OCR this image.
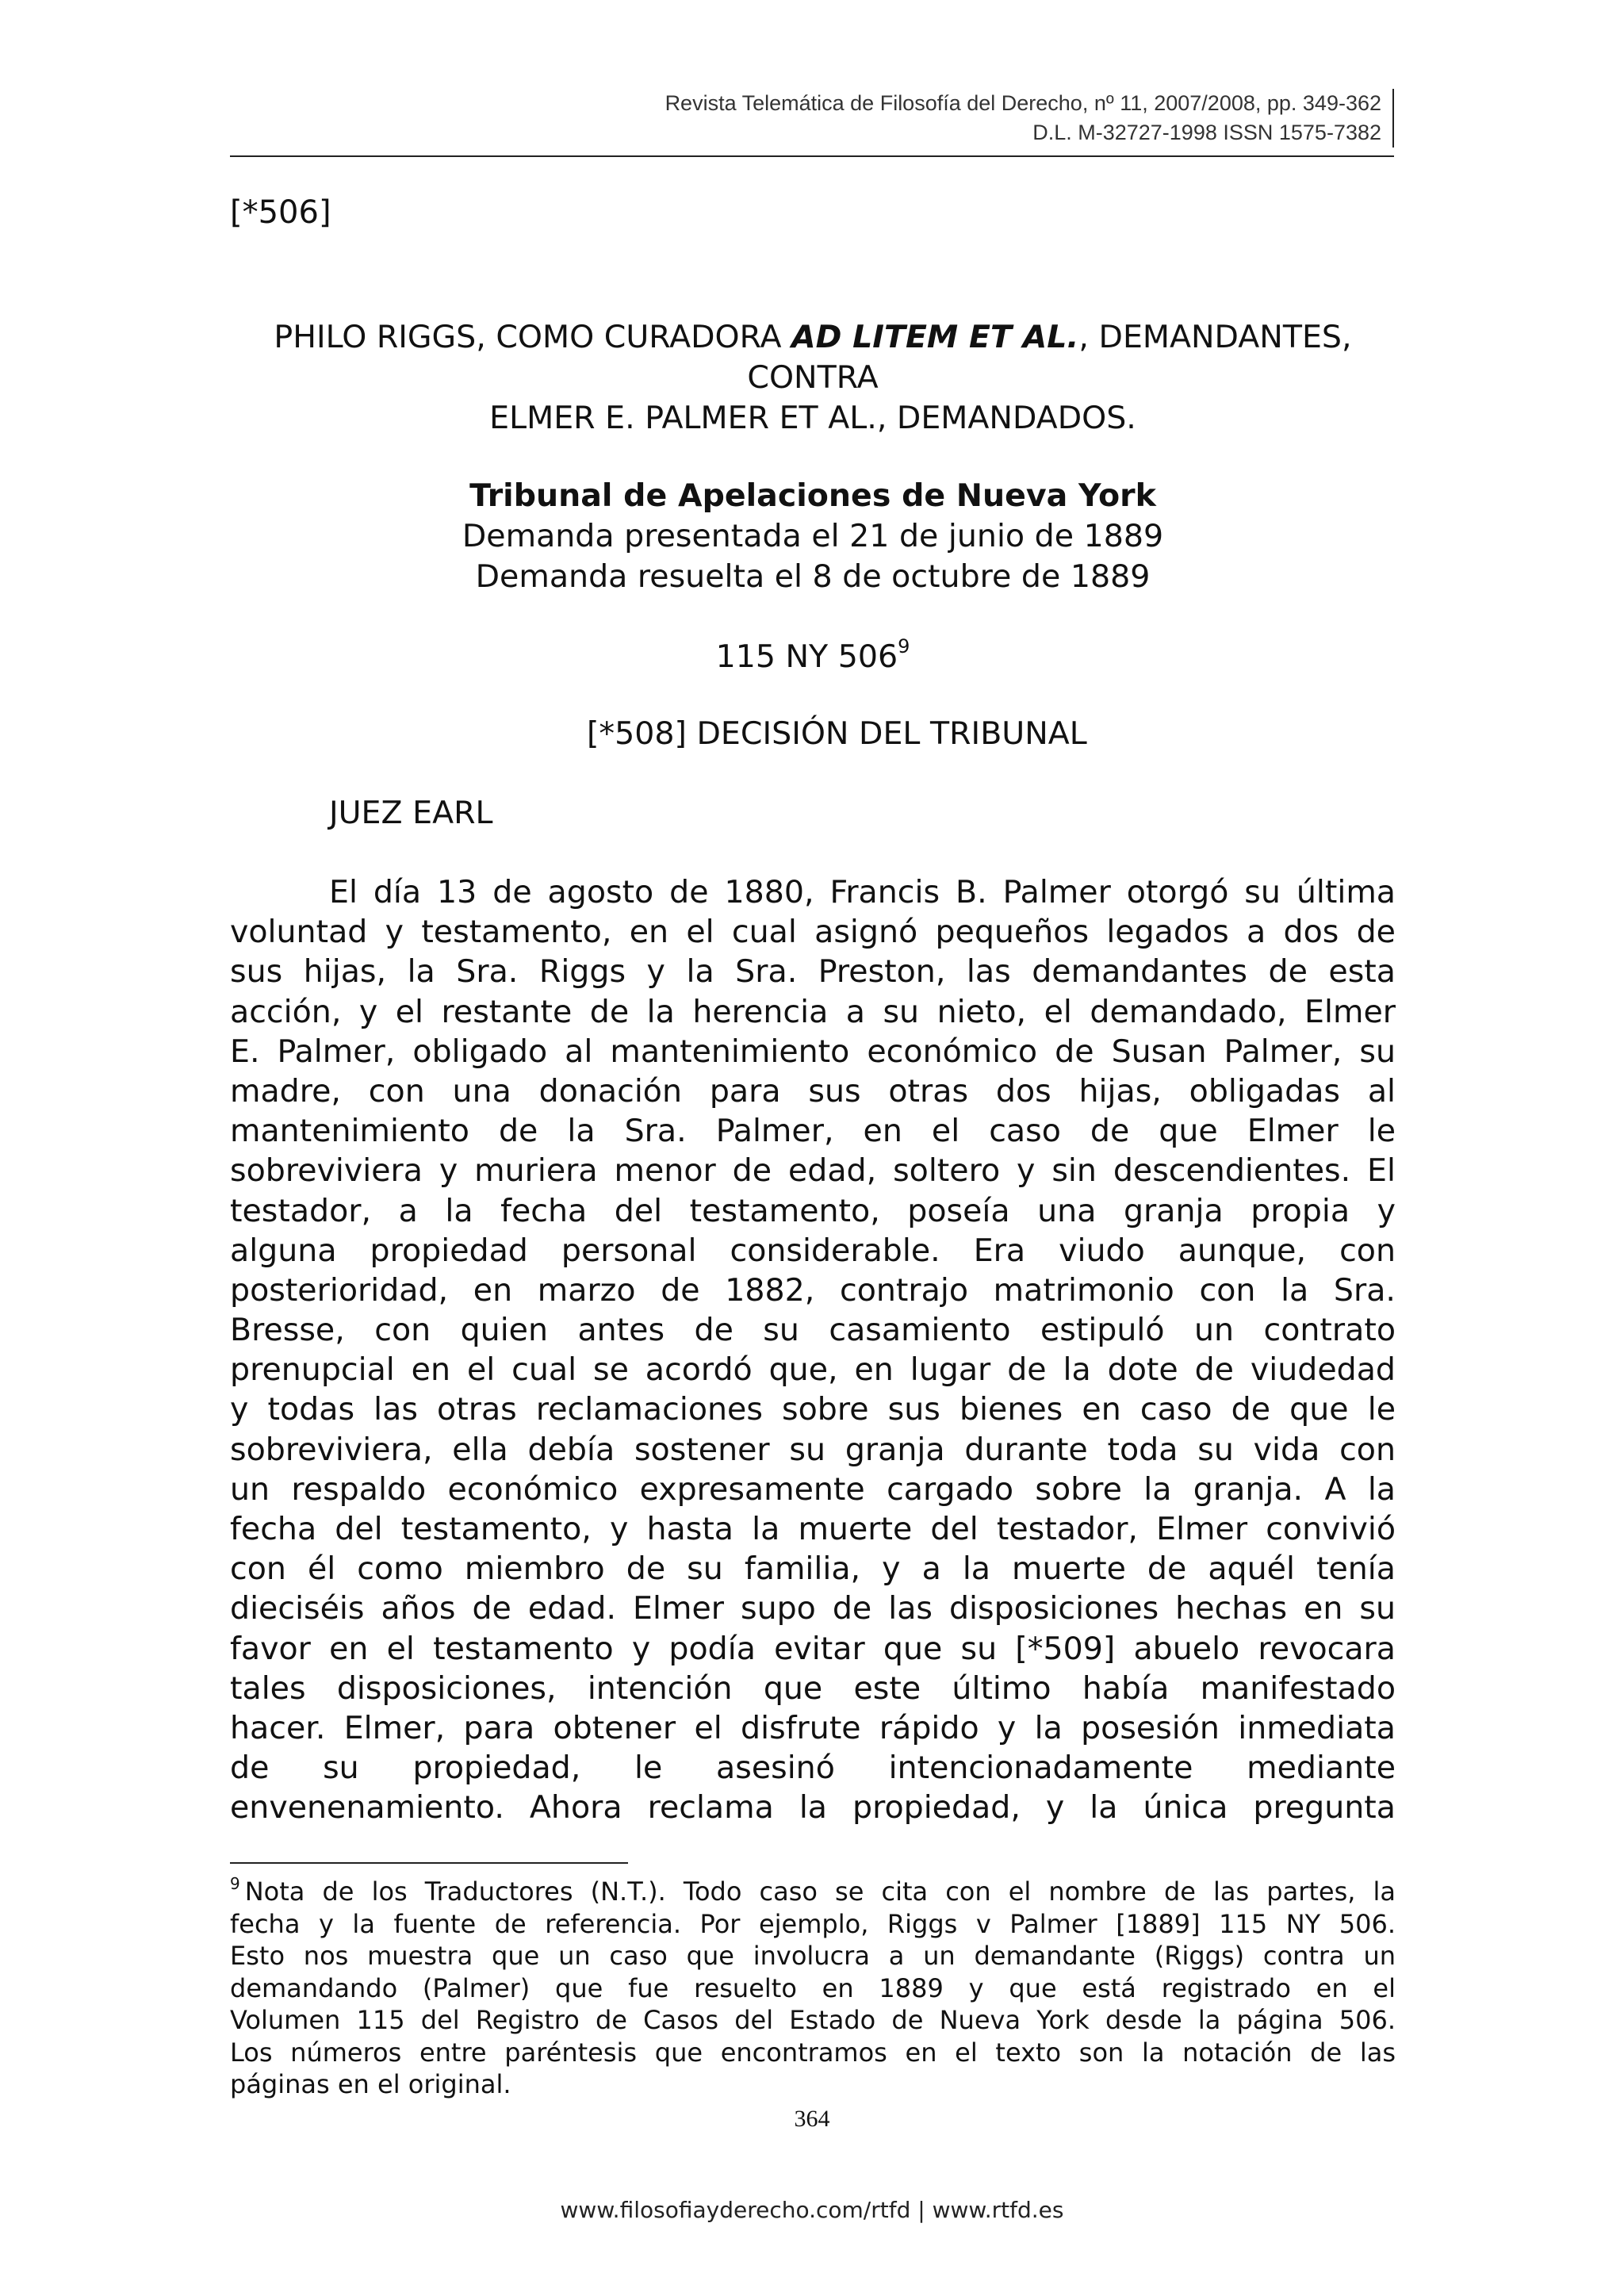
Revista Telemática de Filosofía del Derecho, nº 11, 2007/2008, pp. 349-362
D.L. M-32727-1998 ISSN 1575-7382
[*506]
PHILO RIGGS, COMO CURADORA AD LITEM ET AL., DEMANDANTES,
CONTRA
ELMER E. PALMER ET AL., DEMANDADOS.
Tribunal de Apelaciones de Nueva York
Demanda presentada el 21 de junio de 1889
Demanda resuelta el 8 de octubre de 1889
115 NY $506^9$
[*508] DECISIÓN DEL TRIBUNAL
JUEZ EARL
El día 13 de agosto de 1880, Francis B. Palmer otorgó su última
voluntad y testamento, en el cual asignó pequeños legados a dos de
sus hijas, la Sra. Riggs y la Sra. Preston, las demandantes de esta
acción, y el restante de la herencia a su nieto, el demandado, Elmer
E. Palmer, obligado al mantenimiento económico de Susan Palmer, su
madre, con una donación para sus otras dos hijas, obligadas al
mantenimiento de la Sra. Palmer, en el caso de que Elmer le
sobreviviera y muriera menor de edad, soltero y sin descendientes. El
testador, a la fecha del testamento, poseía una granja propia y
alguna propiedad personal considerable. Era viudo aunque, con
posterioridad, en marzo de 1882, contrajo matrimonio con la Sra.
Bresse, con quien antes de su casamiento estipuló un contrato
prenupcial en el cual se acordó que, en lugar de la dote de viudedad
y todas las otras reclamaciones sobre sus bienes en caso de que le
sobreviviera, ella debía sostener su granja durante toda su vida con
un respaldo económico expresamente cargado sobre la granja. A la
fecha del testamento, y hasta la muerte del testador, Elmer convivió
con él como miembro de su familia, y a la muerte de aquél tenía
dieciséis años de edad. Elmer supo de las disposiciones hechas en su
favor en el testamento y podía evitar que su [*509] abuelo revocara
tales disposiciones, intención que este último había manifestado
hacer. Elmer, para obtener el disfrute rápido y la posesión inmediata
de su propiedad, le asesinó intencionadamente mediante
envenenamiento. Ahora reclama la propiedad, y la única pregunta
$^9$ Nota de los Traductores (N.T.). Todo caso se cita con el nombre de las partes, la
fecha y la fuente de referencia. Por ejemplo, Riggs v Palmer [1889] 115 NY 506.
Esto nos muestra que un caso que involucra a un demandante (Riggs) contra un
demandando (Palmer) que fue resuelto en 1889 y que está registrado en el
Volumen 115 del Registro de Casos del Estado de Nueva York desde la página 506.
Los números entre paréntesis que encontramos en el texto son la notación de las
páginas en el original.
364
www.filosofiayderecho.com/rtfd | www.rtfd.es
